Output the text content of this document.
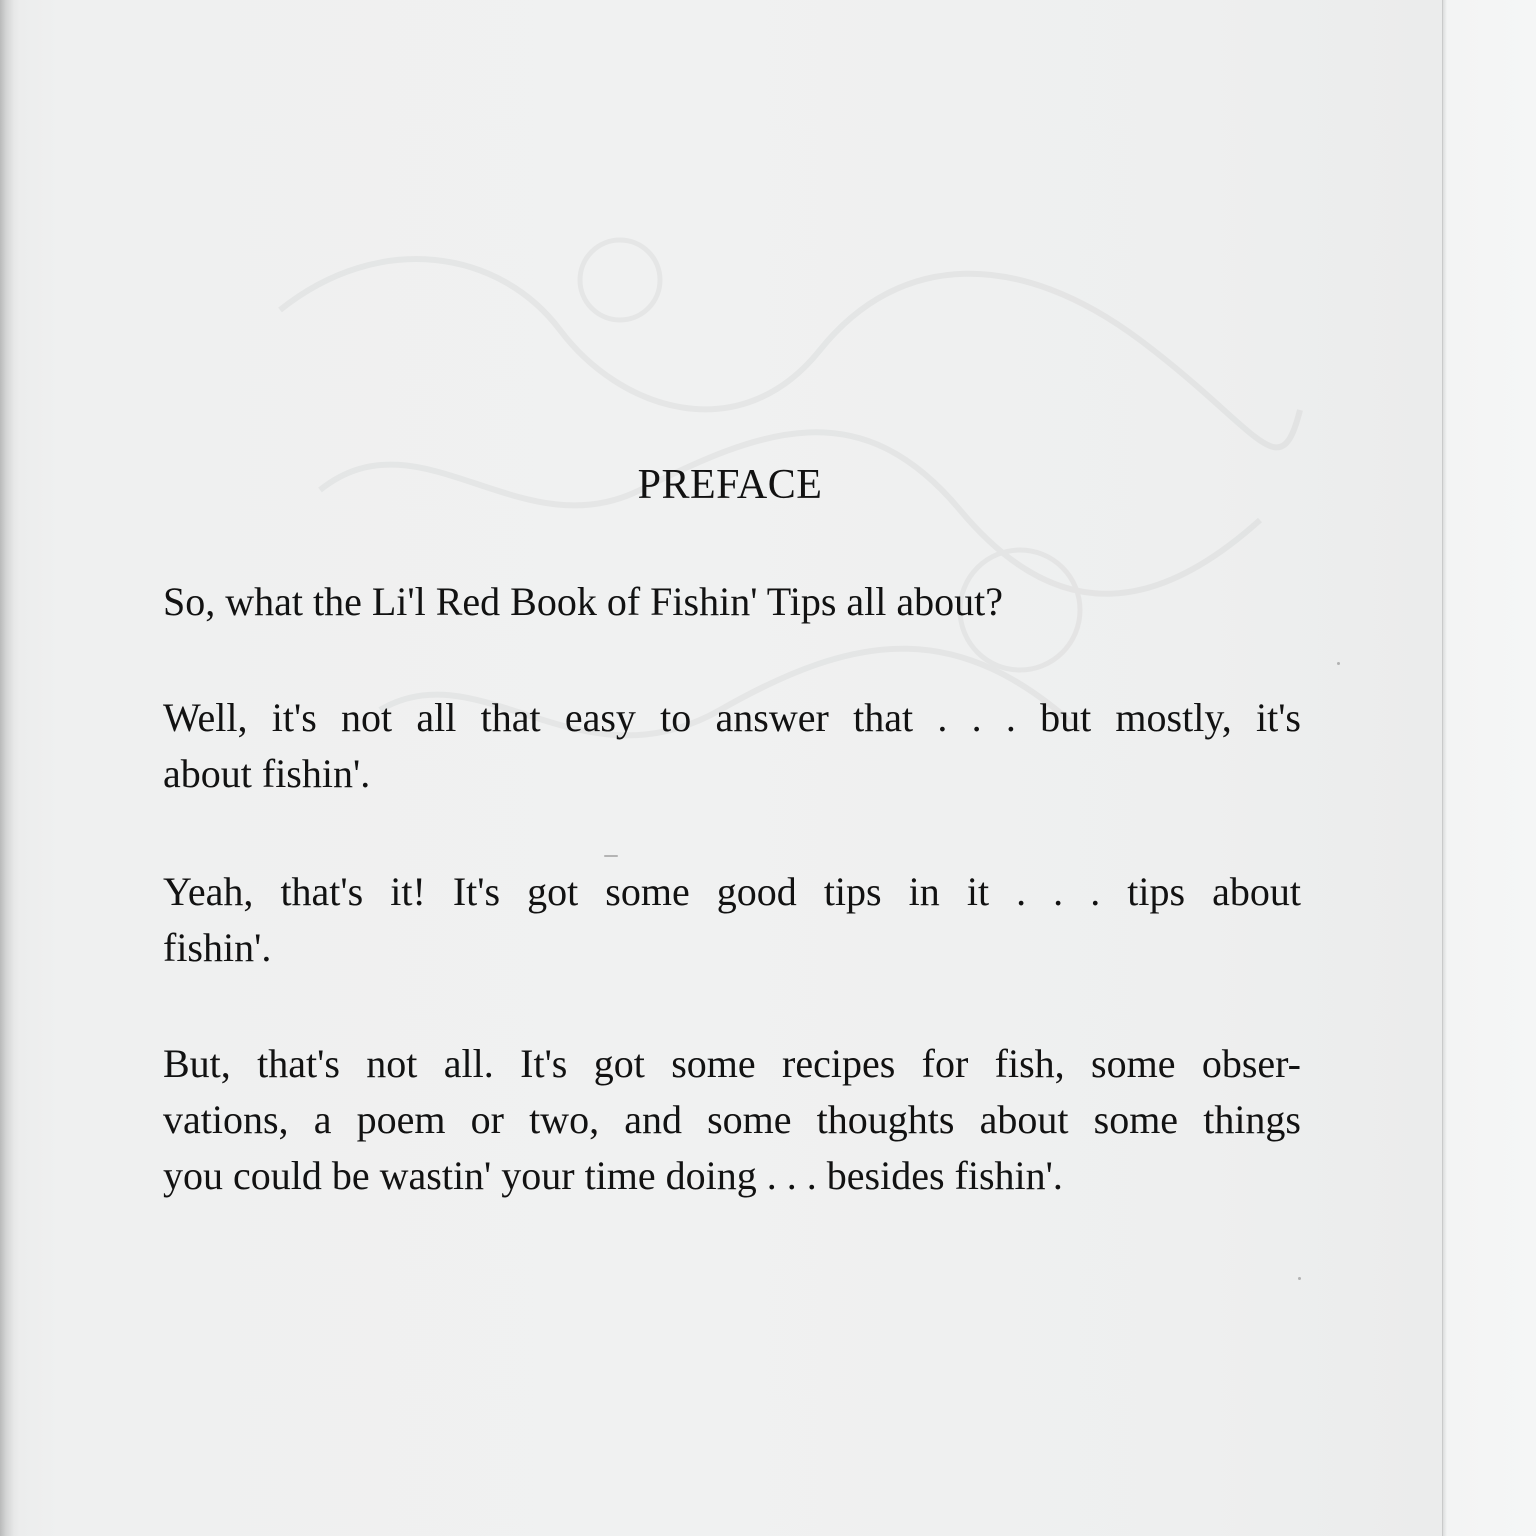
PREFACE

So, what the Li'l Red Book of Fishin' Tips all about?

Well, it's not all that easy to answer that . . . but mostly, it's
about fishin'.

Yeah, that's it! It's got some good tips in it . . . tips about
fishin'.

But, that's not all. It's got some recipes for fish, some obser-
vations, a poem or two, and some thoughts about some things
you could be wastin' your time doing . . . besides fishin'.
